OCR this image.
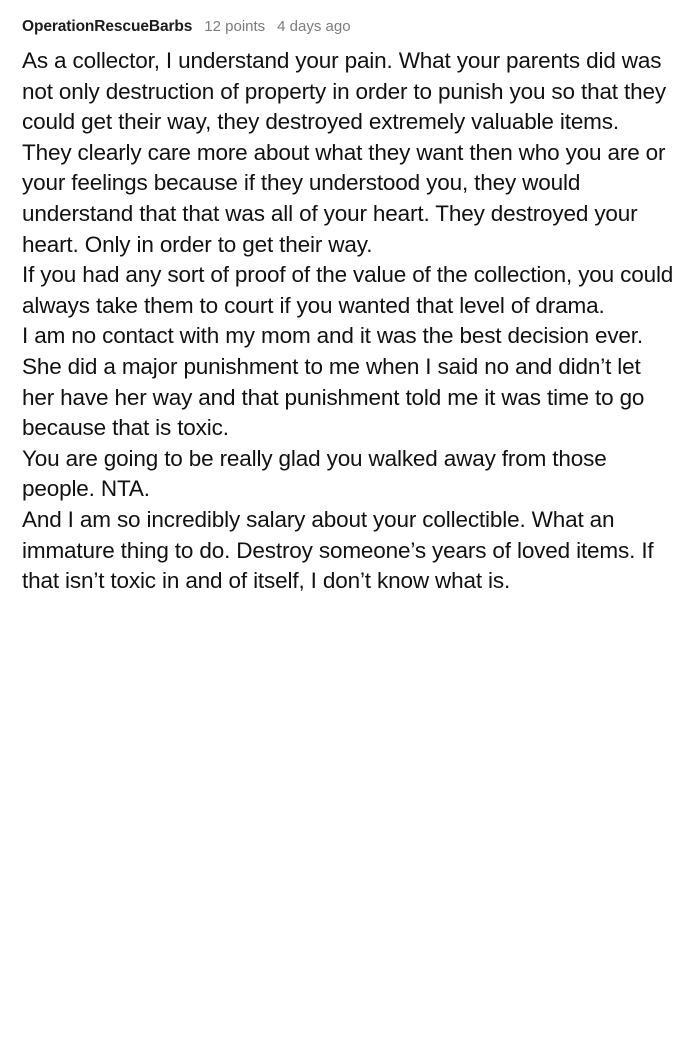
OperationRescueBarbs 12 points 4 days ago

As a collector, I understand your pain. What your parents did was not only destruction of property in order to punish you so that they could get their way, they destroyed extremely valuable items.

They clearly care more about what they want then who you are or your feelings because if they understood you, they would understand that that was all of your heart. They destroyed your heart. Only in order to get their way.

If you had any sort of proof of the value of the collection, you could always take them to court if you wanted that level of drama.

I am no contact with my mom and it was the best decision ever. She did a major punishment to me when I said no and didn’t let her have her way and that punishment told me it was time to go because that is toxic.

You are going to be really glad you walked away from those people. NTA.

And I am so incredibly salary about your collectible. What an immature thing to do. Destroy someone’s years of loved items. If that isn’t toxic in and of itself, I don’t know what is.
